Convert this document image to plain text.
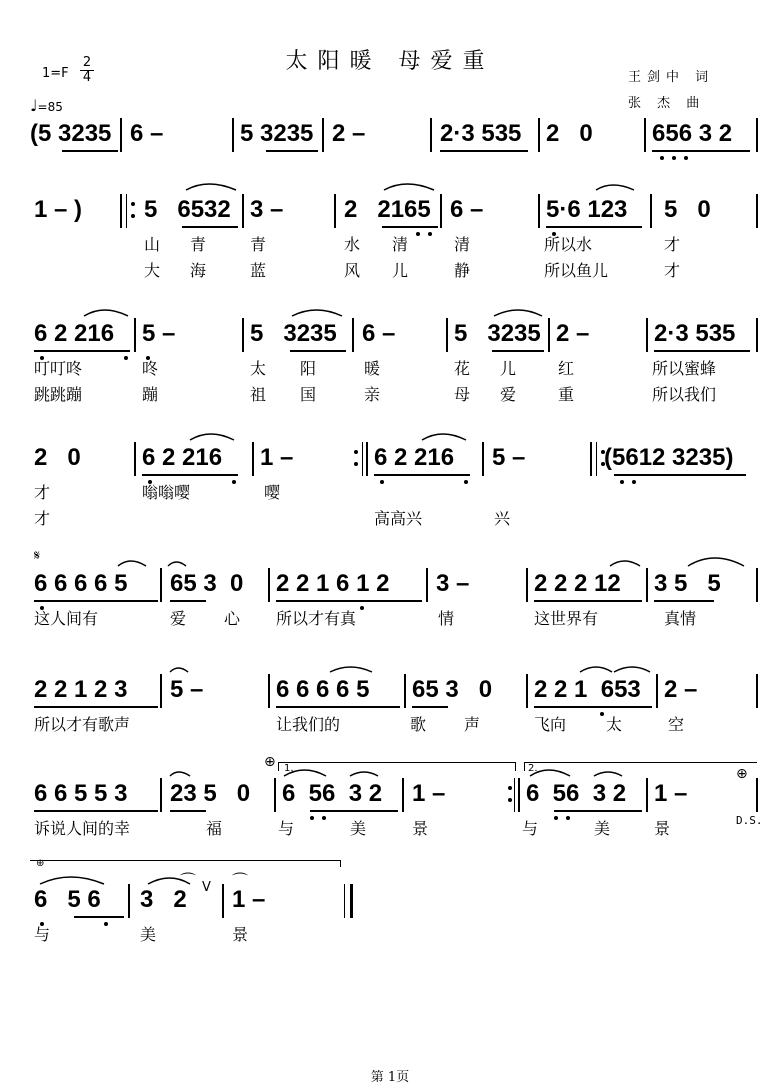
太阳暖 母爱重
王剑中 词
张 杰 曲
$1=F \frac{2}{4}$
♩=85
(5 3235 6 –	5 3235 2 –	2·3 535 2   0 656 3 2
1 – )	5   6532 3 –	2   2165 6 –	5·6 123 5   0
山 青	青	水 清	清	所以水	才
大 海	蓝	风 儿	静	所以鱼儿	才
6 2 216 5 –	5   3235 6 – 5   3235 2 –	2·3 535
叮叮咚	咚	太 阳	暖	花 儿	红	所以蜜蜂
跳跳蹦	蹦	祖 国	亲	母 爱	重	所以我们
2   0	6 2 216 1 –	6 2 216 5 –	(5612 3235)
才	嗡嗡嘤	嘤
才	高高兴	兴
𝄋
6 6 6 6 5 65 3  0 2 2 1 6 1 2 3 –	2 2 2 12 3 5   5
这人间有	爱 心 所以才有真	情	这世界有	真情
2 2 1 2 3 5 –	6 6 6 6 5 65 3   0 2 2 1  653 2 –
所以才有歌声	让我们的	歌 声	飞向 太	空
⊕
⊕
1.	2.
6 6 5 5 3 23 5   0 6  56  3 2 1 –	6  56  3 2 1 –
D.S.
诉说人间的幸	福	与	美	景	与	美	景
⊕
6   5 6 3   2 V 1 –
⌒ ⌒
与	美	景
第 1页
